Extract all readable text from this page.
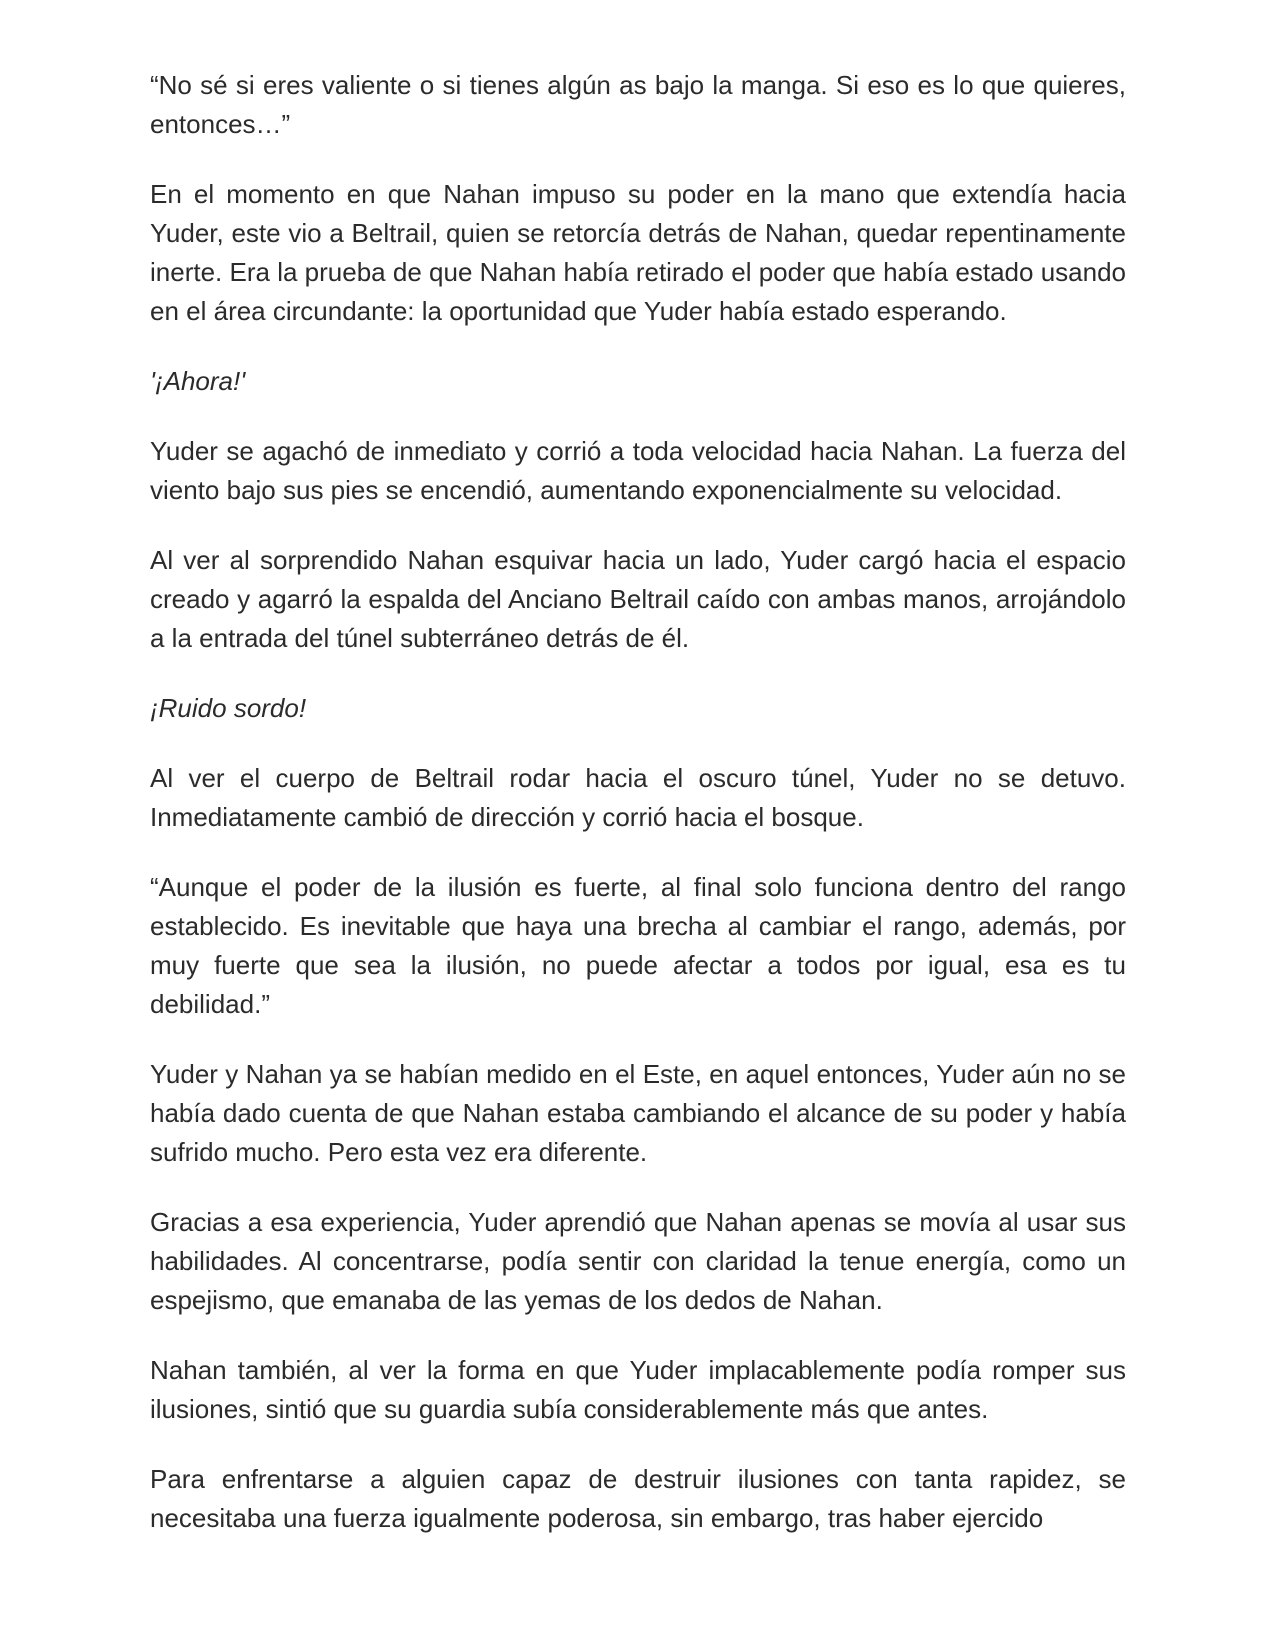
“No sé si eres valiente o si tienes algún as bajo la manga. Si eso es lo que quieres, entonces…”

En el momento en que Nahan impuso su poder en la mano que extendía hacia Yuder, este vio a Beltrail, quien se retorcía detrás de Nahan, quedar repentinamente inerte. Era la prueba de que Nahan había retirado el poder que había estado usando en el área circundante: la oportunidad que Yuder había estado esperando.

'¡Ahora!'

Yuder se agachó de inmediato y corrió a toda velocidad hacia Nahan. La fuerza del viento bajo sus pies se encendió, aumentando exponencialmente su velocidad.

Al ver al sorprendido Nahan esquivar hacia un lado, Yuder cargó hacia el espacio creado y agarró la espalda del Anciano Beltrail caído con ambas manos, arrojándolo a la entrada del túnel subterráneo detrás de él.

¡Ruido sordo!

Al ver el cuerpo de Beltrail rodar hacia el oscuro túnel, Yuder no se detuvo. Inmediatamente cambió de dirección y corrió hacia el bosque.

“Aunque el poder de la ilusión es fuerte, al final solo funciona dentro del rango establecido. Es inevitable que haya una brecha al cambiar el rango, además, por muy fuerte que sea la ilusión, no puede afectar a todos por igual, esa es tu debilidad.”

Yuder y Nahan ya se habían medido en el Este, en aquel entonces, Yuder aún no se había dado cuenta de que Nahan estaba cambiando el alcance de su poder y había sufrido mucho. Pero esta vez era diferente.

Gracias a esa experiencia, Yuder aprendió que Nahan apenas se movía al usar sus habilidades. Al concentrarse, podía sentir con claridad la tenue energía, como un espejismo, que emanaba de las yemas de los dedos de Nahan.

Nahan también, al ver la forma en que Yuder implacablemente podía romper sus ilusiones, sintió que su guardia subía considerablemente más que antes.

Para enfrentarse a alguien capaz de destruir ilusiones con tanta rapidez, se necesitaba una fuerza igualmente poderosa, sin embargo, tras haber ejercido
